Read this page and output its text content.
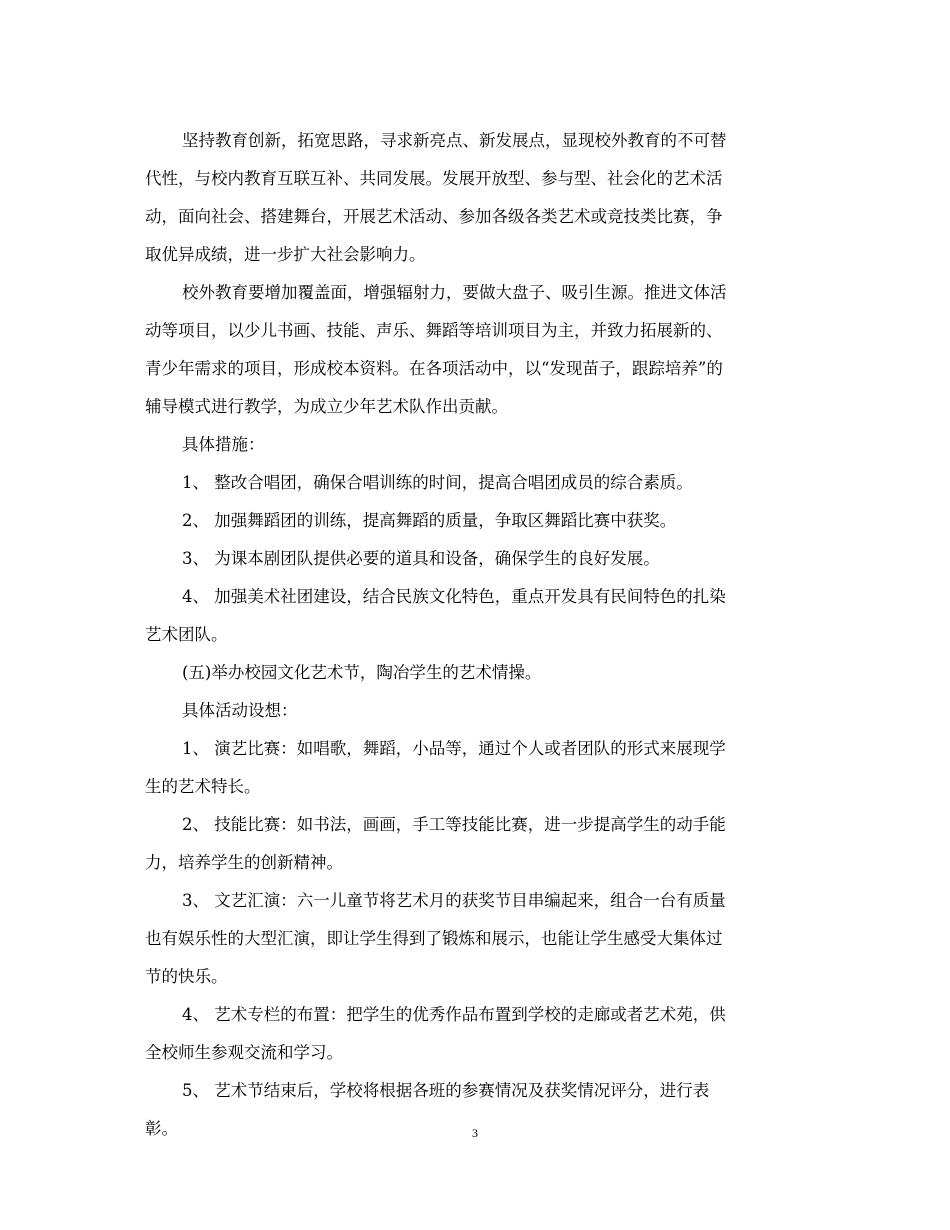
坚持教育创新，拓宽思路，寻求新亮点、新发展点，显现校外教育的不可替
代性，与校内教育互联互补、共同发展。发展开放型、参与型、社会化的艺术活
动，面向社会、搭建舞台，开展艺术活动、参加各级各类艺术或竞技类比赛，争
取优异成绩，进一步扩大社会影响力。
校外教育要增加覆盖面，增强辐射力，要做大盘子、吸引生源。推进文体活
动等项目，以少儿书画、技能、声乐、舞蹈等培训项目为主，并致力拓展新的、
青少年需求的项目，形成校本资料。在各项活动中，以“发现苗子，跟踪培养”的
辅导模式进行教学，为成立少年艺术队作出贡献。
具体措施：
1、 整改合唱团，确保合唱训练的时间，提高合唱团成员的综合素质。
2、 加强舞蹈团的训练，提高舞蹈的质量，争取区舞蹈比赛中获奖。
3、 为课本剧团队提供必要的道具和设备，确保学生的良好发展。
4、 加强美术社团建设，结合民族文化特色，重点开发具有民间特色的扎染
艺术团队。
(五)举办校园文化艺术节，陶冶学生的艺术情操。
具体活动设想：
1、 演艺比赛：如唱歌，舞蹈，小品等，通过个人或者团队的形式来展现学
生的艺术特长。
2、 技能比赛：如书法，画画，手工等技能比赛，进一步提高学生的动手能
力，培养学生的创新精神。
3、 文艺汇演：六一儿童节将艺术月的获奖节目串编起来，组合一台有质量
也有娱乐性的大型汇演，即让学生得到了锻炼和展示，也能让学生感受大集体过
节的快乐。
4、 艺术专栏的布置：把学生的优秀作品布置到学校的走廊或者艺术苑，供
全校师生参观交流和学习。
5、 艺术节结束后，学校将根据各班的参赛情况及获奖情况评分，进行表
彰。	3
